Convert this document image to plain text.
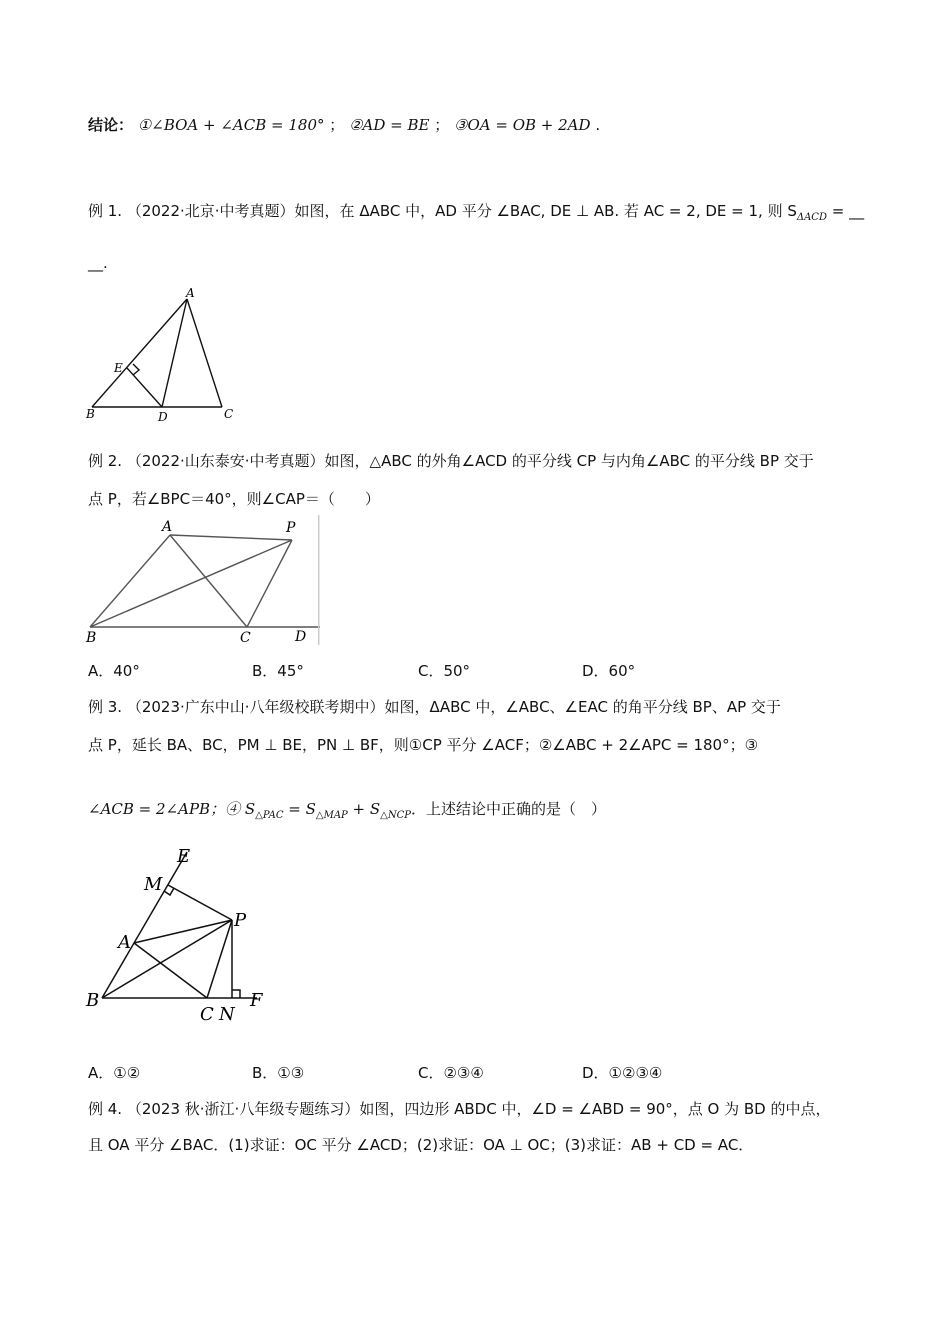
结论： ①∠BOA + ∠ACB = 180° ； ②AD = BE ； ③OA = OB + 2AD .
例 1. （2022·北京·中考真题）如图，在 ΔABC 中，AD 平分 ∠BAC, DE ⊥ AB. 若 AC = 2, DE = 1, 则 $S_{\Delta ACD}$ = __
__.
A
E
B	D	C
例 2. （2022·山东泰安·中考真题）如图，△ABC 的外角∠ACD 的平分线 CP 与内角∠ABC 的平分线 BP 交于
点 P，若∠BPC＝40°，则∠CAP＝（　　）
A	P
B	C	D
A．40°	B．45°	C．50°	D．60°
例 3. （2023·广东中山·八年级校联考期中）如图，ΔABC 中，∠ABC、∠EAC 的角平分线 BP、AP 交于
点 P，延长 BA、BC，PM ⊥ BE，PN ⊥ BF，则①CP 平分 ∠ACF；②∠ABC + 2∠APC = 180°；③
∠ACB = 2∠APB；④ $S_{\triangle PAC} = S_{\triangle MAP} + S_{\triangle NCP}$．上述结论中正确的是（　）
E
M
P
A
B
C N
F
A．①②	B．①③	C．②③④	D．①②③④
例 4. （2023 秋·浙江·八年级专题练习）如图，四边形 ABDC 中，∠D = ∠ABD = 90°，点 O 为 BD 的中点，
且 OA 平分 ∠BAC．(1)求证：OC 平分 ∠ACD；(2)求证：OA ⊥ OC；(3)求证：AB + CD = AC．
